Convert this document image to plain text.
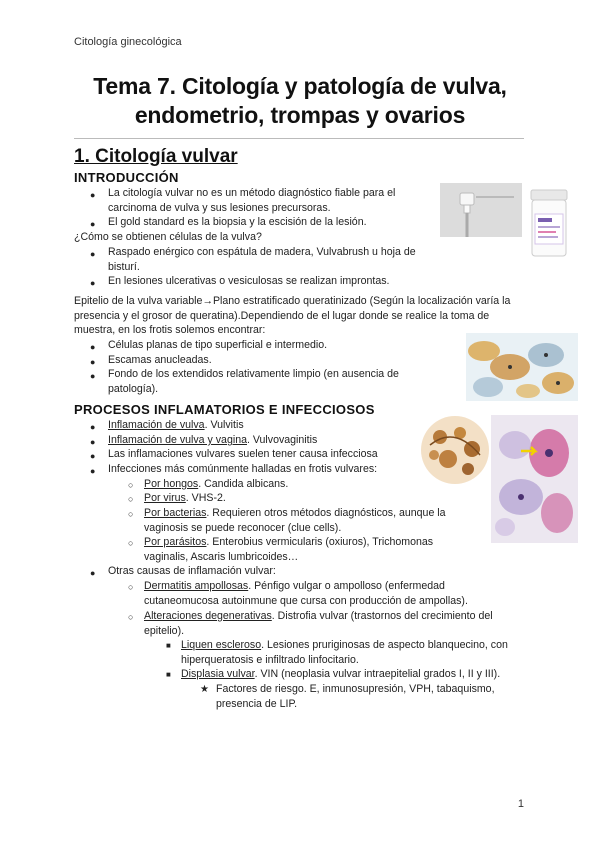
Citología ginecológica
Tema 7. Citología y patología de vulva,
endometrio, trompas y ovarios
1. Citología vulvar
INTRODUCCIÓN
● La citología vulvar no es un método diagnóstico fiable para el carcinoma de vulva y sus lesiones precursoras.
● El gold standard es la biopsia y la escisión de la lesión.
¿Cómo se obtienen células de la vulva?
● Raspado enérgico con espátula de madera, Vulvabrush u hoja de bisturí.
● En lesiones ulcerativas o vesiculosas se realizan improntas.
Epitelio de la vulva variable→Plano estratificado queratinizado (Según la localización varía la presencia y el grosor de queratina).Dependiendo de el lugar donde se realice la toma de muestra, en los frotis solemos encontrar:
● Células planas de tipo superficial e intermedio.
● Escamas anucleadas.
● Fondo de los extendidos relativamente limpio (en ausencia de patología).
PROCESOS INFLAMATORIOS E INFECCIOSOS
● Inflamación de vulva. Vulvitis
● Inflamación de vulva y vagina. Vulvovaginitis
● Las inflamaciones vulvares suelen tener causa infecciosa
● Infecciones más comúnmente halladas en frotis vulvares:
○ Por hongos. Candida albicans.
○ Por virus. VHS-2.
○ Por bacterias. Requieren otros métodos diagnósticos, aunque la vaginosis se puede reconocer (clue cells).
○ Por parásitos. Enterobius vermicularis (oxiuros), Trichomonas vaginalis, Ascaris lumbricoides…
● Otras causas de inflamación vulvar:
○ Dermatitis ampollosas. Pénfigo vulgar o ampolloso (enfermedad cutaneomucosa autoinmune que cursa con producción de ampollas).
○ Alteraciones degenerativas. Distrofia vulvar (trastornos del crecimiento del epitelio).
■ Liquen escleroso. Lesiones pruriginosas de aspecto blanquecino, con hiperqueratosis e infiltrado linfocitario.
■ Displasia vulvar. VIN (neoplasia vulvar intraepitelial grados I, II y III).
★ Factores de riesgo. E, inmunosupresión, VPH, tabaquismo, presencia de LIP.
1
